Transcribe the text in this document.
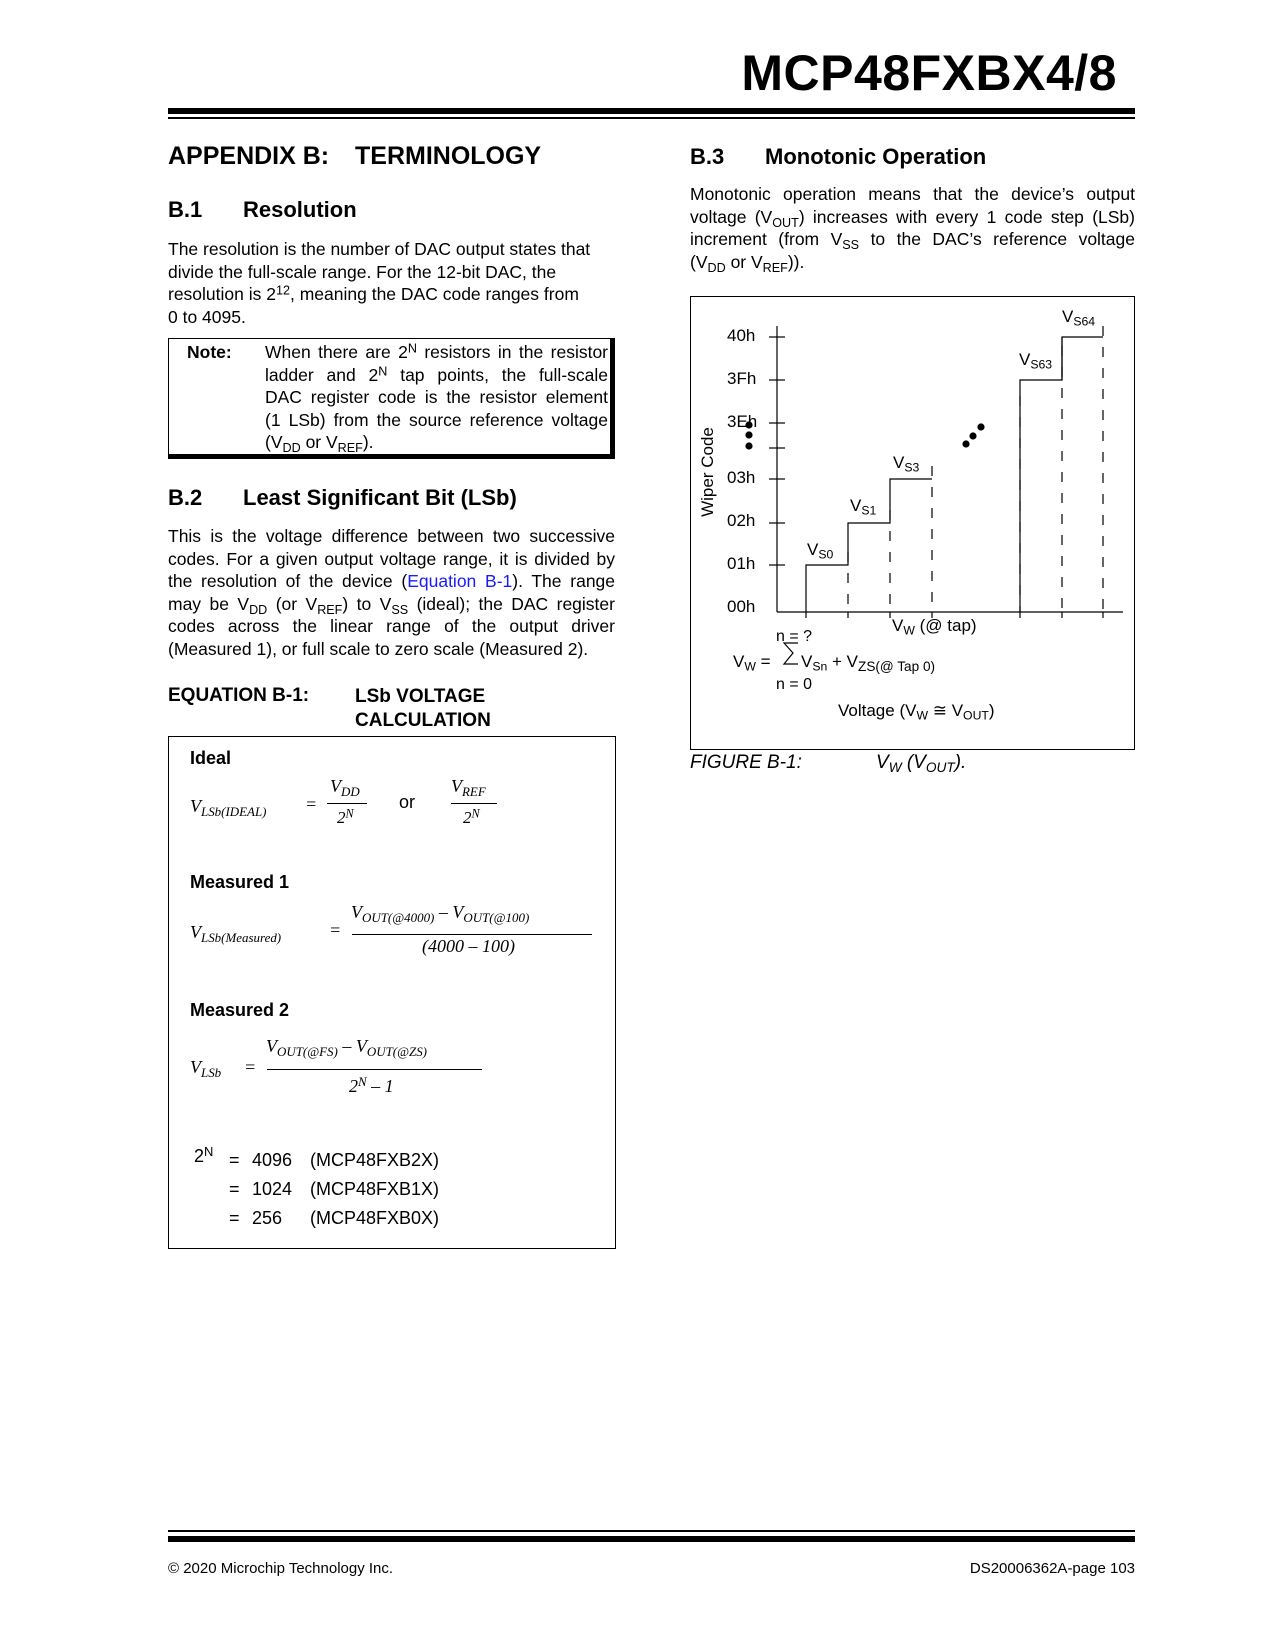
MCP48FXBX4/8
APPENDIX B: TERMINOLOGY
B.1 Resolution
The resolution is the number of DAC output states that
divide the full-scale range. For the 12-bit DAC, the
resolution is $2^{12}$, meaning the DAC code ranges from
0 to 4095.
Note: When there are $2^N$ resistors in the resistor
ladder and $2^N$ tap points, the full-scale
DAC register code is the resistor element
(1 LSb) from the source reference voltage
($V_{DD}$ or $V_{REF}$).
B.2 Least Significant Bit (LSb)
This is the voltage difference between two successive
codes. For a given output voltage range, it is divided by
the resolution of the device (Equation B-1). The range
may be $V_{DD}$ (or $V_{REF}$) to $V_{SS}$ (ideal); the DAC register
codes across the linear range of the output driver
(Measured 1), or full scale to zero scale (Measured 2).
EQUATION B-1: LSb VOLTAGE
CALCULATION
Ideal
$V_{LSb(IDEAL)}$ =
$V_{DD}$
$2^N$
or
$V_{REF}$
$2^N$
Measured 1
$V_{LSb(Measured)}$	=
$V_{OUT(@4000)} - V_{OUT(@100)}$
(4000 – 100)
Measured 2
$V_{LSb}$ =
$V_{OUT(@FS)} - V_{OUT(@ZS)}$
$2^N - 1$
$2^N = 4096$ (MCP48FXB2X)
= 1024 (MCP48FXB1X)
= 256 (MCP48FXB0X)
B.3 Monotonic Operation
Monotonic operation means that the device’s output
voltage $(V_{OUT})$ increases with every 1 code step (LSb)
increment (from $V_{SS}$ to the DAC’s reference voltage
($V_{DD}$ or $V_{REF}$)).
40h
3Fh
3Eh
03h
02h
01h
00h
Wiper Code
$V_{S0}$
$V_{S1}$
$V_{S3}$
$V_{S63}$
$V_{S64}$
$V_W$ (@ tap)
n = ?
n = 0
$V_W = V_{Sn} + V_{ZS(@ Tap 0)}$
Voltage ($V_W$ ≅ $V_{OUT}$)
FIGURE B-1:	$V_W$ $(V_{OUT})$.
© 2020 Microchip Technology Inc.	DS20006362A-page 103
